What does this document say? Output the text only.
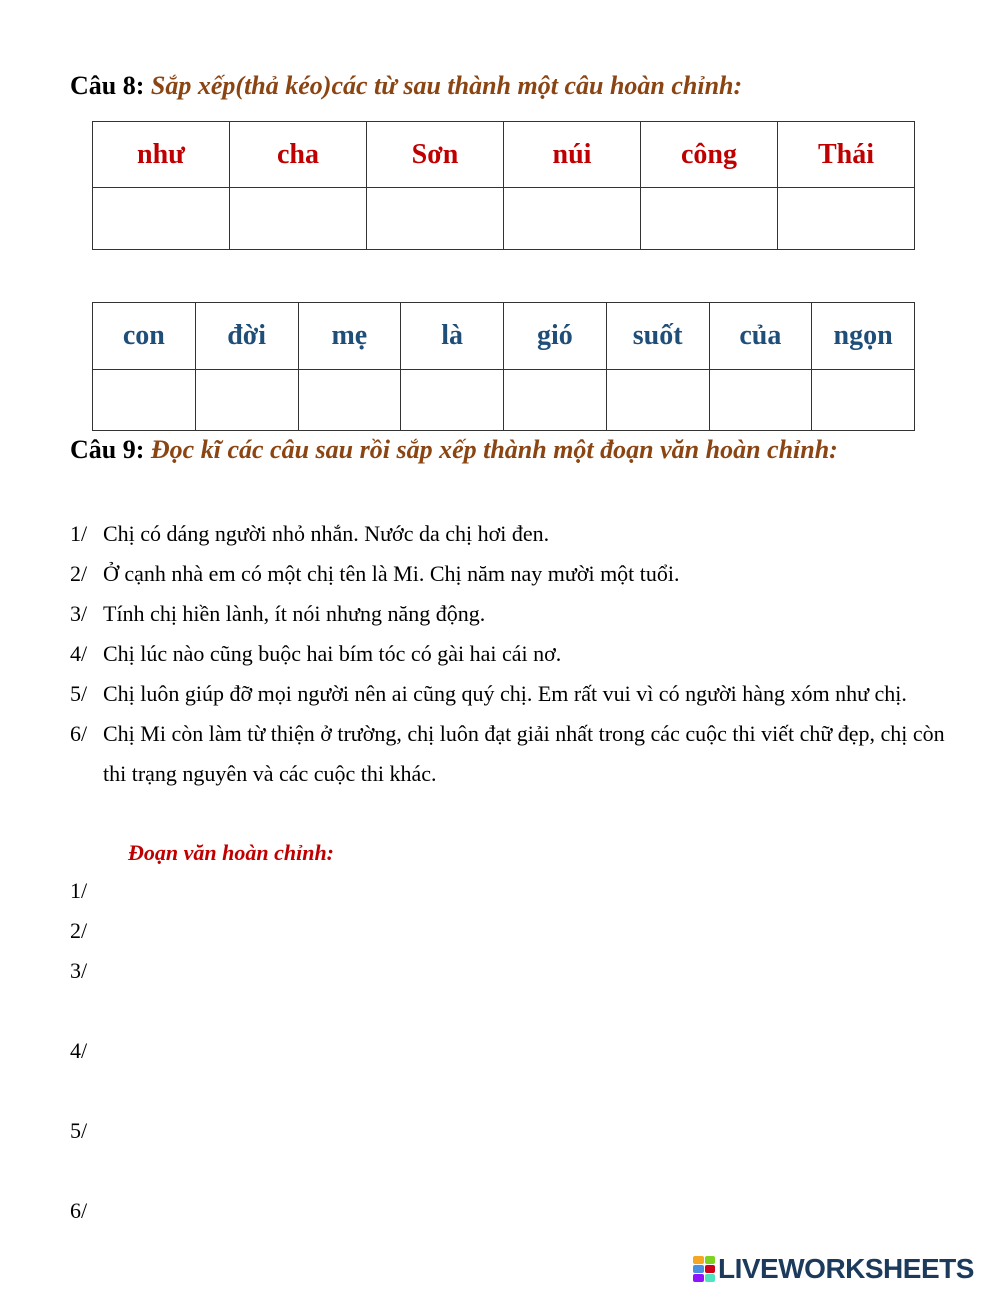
Câu 8: Sắp xếp(thả kéo)các từ sau thành một câu hoàn chỉnh:

như	cha	Sơn	núi	công	Thái

con	đời	mẹ	là	gió	suốt	của	ngọn

Câu 9: Đọc kĩ các câu sau rồi sắp xếp thành một đoạn văn hoàn chỉnh:

1/ Chị có dáng người nhỏ nhắn. Nước da chị hơi đen.
2/ Ở cạnh nhà em có một chị tên là Mi. Chị năm nay mười một tuổi.
3/ Tính chị hiền lành, ít nói nhưng năng động.
4/ Chị lúc nào cũng buộc hai bím tóc có gài hai cái nơ.
5/ Chị luôn giúp đỡ mọi người nên ai cũng quý chị. Em rất vui vì có người hàng xóm như chị.
6/ Chị Mi còn làm từ thiện ở trường, chị luôn đạt giải nhất trong các cuộc thi viết chữ đẹp, chị còn thi trạng nguyên và các cuộc thi khác.

Đoạn văn hoàn chỉnh:

1/
2/
3/
4/
5/
6/
LIVEWORKSHEETS
